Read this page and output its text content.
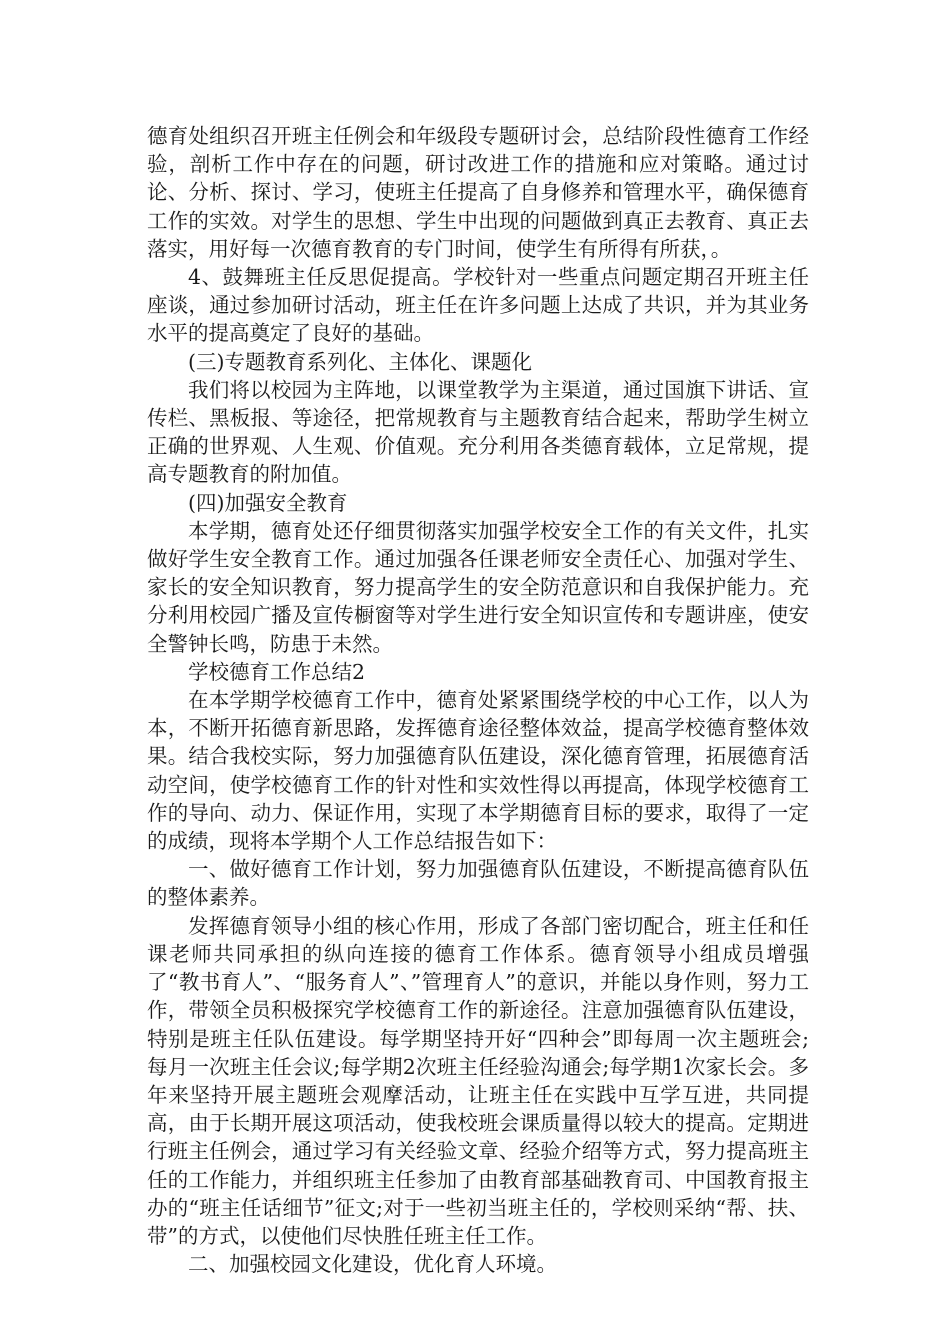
德育处组织召开班主任例会和年级段专题研讨会，总结阶段性德育工作经验，剖析工作中存在的问题，研讨改进工作的措施和应对策略。通过讨论、分析、探讨、学习，使班主任提高了自身修养和管理水平，确保德育工作的实效。对学生的思想、学生中出现的问题做到真正去教育、真正去落实，用好每一次德育教育的专门时间，使学生有所得有所获，。

4、鼓舞班主任反思促提高。学校针对一些重点问题定期召开班主任座谈，通过参加研讨活动，班主任在许多问题上达成了共识，并为其业务水平的提高奠定了良好的基础。

(三)专题教育系列化、主体化、课题化

我们将以校园为主阵地，以课堂教学为主渠道，通过国旗下讲话、宣传栏、黑板报、等途径，把常规教育与主题教育结合起来，帮助学生树立正确的世界观、人生观、价值观。充分利用各类德育载体，立足常规，提高专题教育的附加值。

(四)加强安全教育

本学期，德育处还仔细贯彻落实加强学校安全工作的有关文件，扎实做好学生安全教育工作。通过加强各任课老师安全责任心、加强对学生、家长的安全知识教育，努力提高学生的安全防范意识和自我保护能力。充分利用校园广播及宣传橱窗等对学生进行安全知识宣传和专题讲座，使安全警钟长鸣，防患于未然。

学校德育工作总结2

在本学期学校德育工作中，德育处紧紧围绕学校的中心工作，以人为本，不断开拓德育新思路，发挥德育途径整体效益，提高学校德育整体效果。结合我校实际，努力加强德育队伍建设，深化德育管理，拓展德育活动空间，使学校德育工作的针对性和实效性得以再提高，体现学校德育工作的导向、动力、保证作用，实现了本学期德育目标的要求，取得了一定的成绩，现将本学期个人工作总结报告如下：

一、做好德育工作计划，努力加强德育队伍建设，不断提高德育队伍的整体素养。

发挥德育领导小组的核心作用，形成了各部门密切配合，班主任和任课老师共同承担的纵向连接的德育工作体系。德育领导小组成员增强了“教书育人”、“服务育人”、”管理育人”的意识，并能以身作则，努力工作，带领全员积极探究学校德育工作的新途径。注意加强德育队伍建设，特别是班主任队伍建设。每学期坚持开好“四种会”即每周一次主题班会;每月一次班主任会议;每学期2次班主任经验沟通会;每学期1次家长会。多年来坚持开展主题班会观摩活动，让班主任在实践中互学互进，共同提高，由于长期开展这项活动，使我校班会课质量得以较大的提高。定期进行班主任例会，通过学习有关经验文章、经验介绍等方式，努力提高班主任的工作能力，并组织班主任参加了由教育部基础教育司、中国教育报主办的“班主任话细节”征文;对于一些初当班主任的，学校则采纳“帮、扶、带”的方式，以使他们尽快胜任班主任工作。

二、加强校园文化建设，优化育人环境。
